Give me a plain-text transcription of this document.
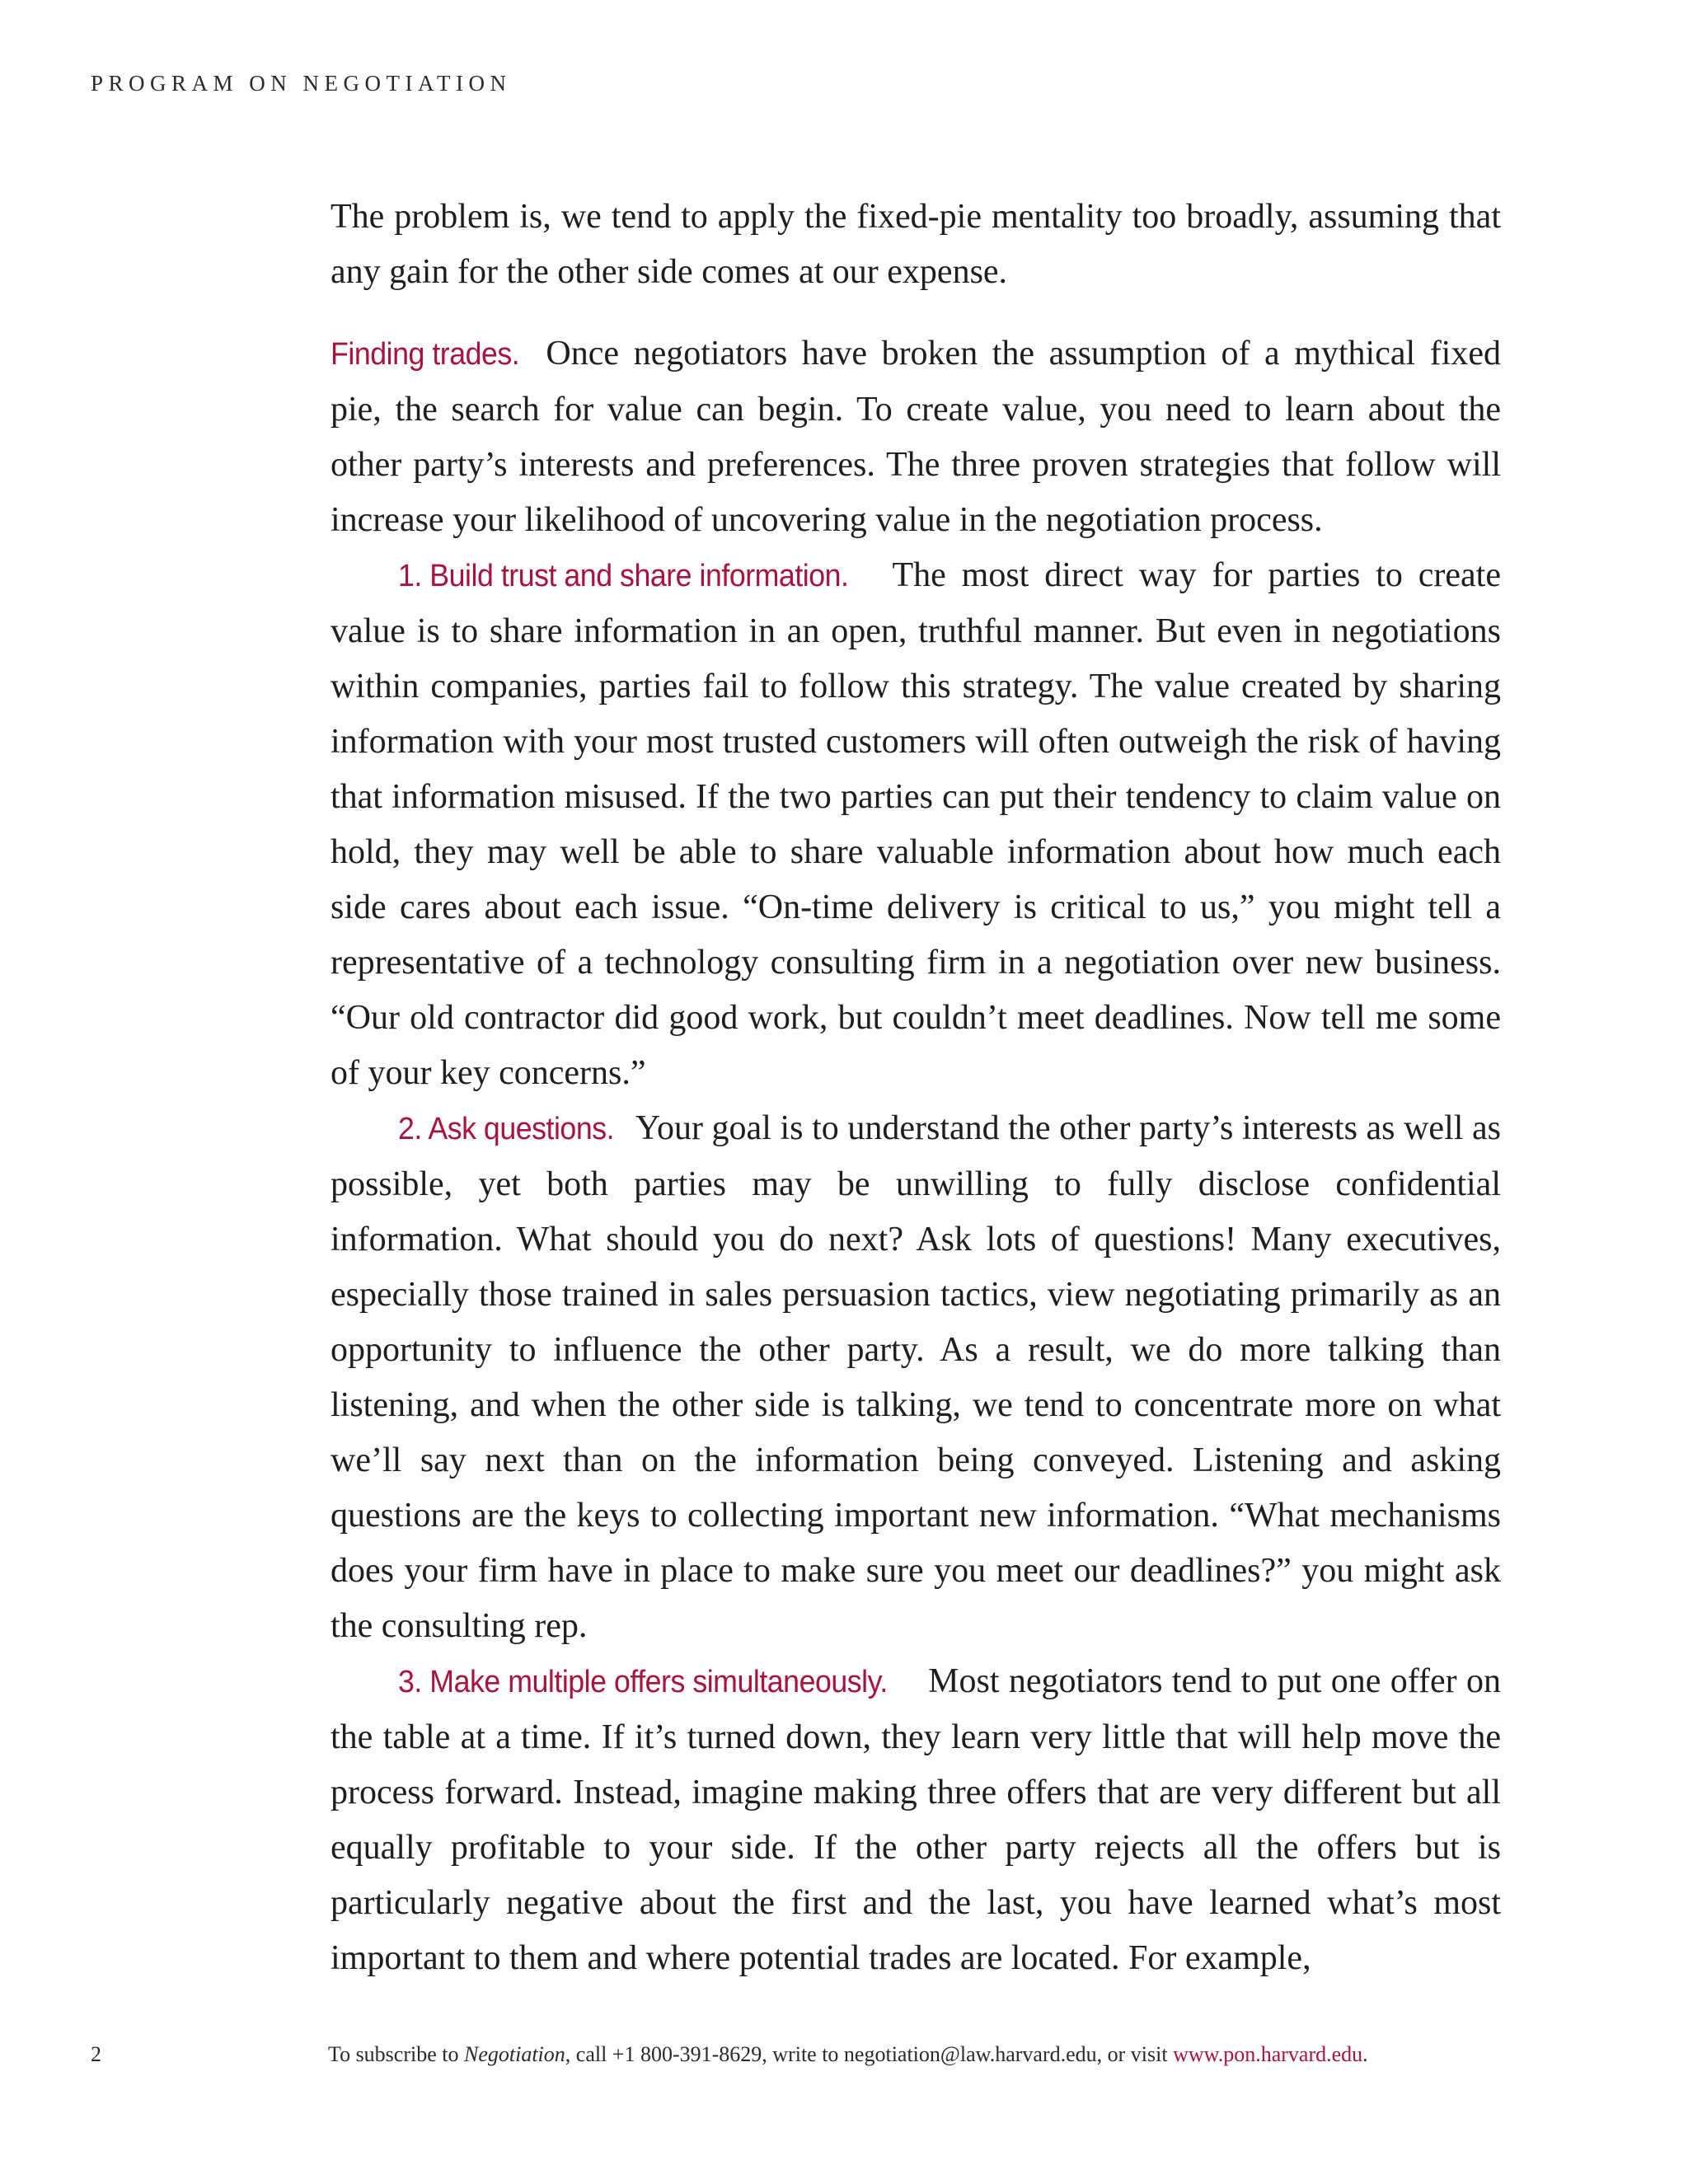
PROGRAM ON NEGOTIATION

The problem is, we tend to apply the fixed-pie mentality too broadly, assuming that any gain for the other side comes at our expense.

Finding trades. Once negotiators have broken the assumption of a mythical fixed pie, the search for value can begin. To create value, you need to learn about the other party’s interests and preferences. The three proven strategies that follow will increase your likelihood of uncovering value in the negotiation process.

1. Build trust and share information. The most direct way for parties to create value is to share information in an open, truthful manner. But even in negotiations within companies, parties fail to follow this strategy. The value created by sharing information with your most trusted customers will often outweigh the risk of having that information misused. If the two parties can put their tendency to claim value on hold, they may well be able to share valuable information about how much each side cares about each issue. “On-time delivery is critical to us,” you might tell a representative of a technology consulting firm in a negotiation over new business. “Our old contractor did good work, but couldn’t meet deadlines. Now tell me some of your key concerns.”

2. Ask questions. Your goal is to understand the other party’s interests as well as possible, yet both parties may be unwilling to fully disclose confidential information. What should you do next? Ask lots of questions! Many executives, especially those trained in sales persuasion tactics, view negotiating primarily as an opportunity to influence the other party. As a result, we do more talking than listening, and when the other side is talking, we tend to concentrate more on what we’ll say next than on the information being conveyed. Listening and asking questions are the keys to collecting important new information. “What mechanisms does your firm have in place to make sure you meet our deadlines?” you might ask the consulting rep.

3. Make multiple offers simultaneously. Most negotiators tend to put one offer on the table at a time. If it’s turned down, they learn very little that will help move the process forward. Instead, imagine making three offers that are very different but all equally profitable to your side. If the other party rejects all the offers but is particularly negative about the first and the last, you have learned what’s most important to them and where potential trades are located. For example,

2	To subscribe to Negotiation, call +1 800-391-8629, write to negotiation@law.harvard.edu, or visit www.pon.harvard.edu.
